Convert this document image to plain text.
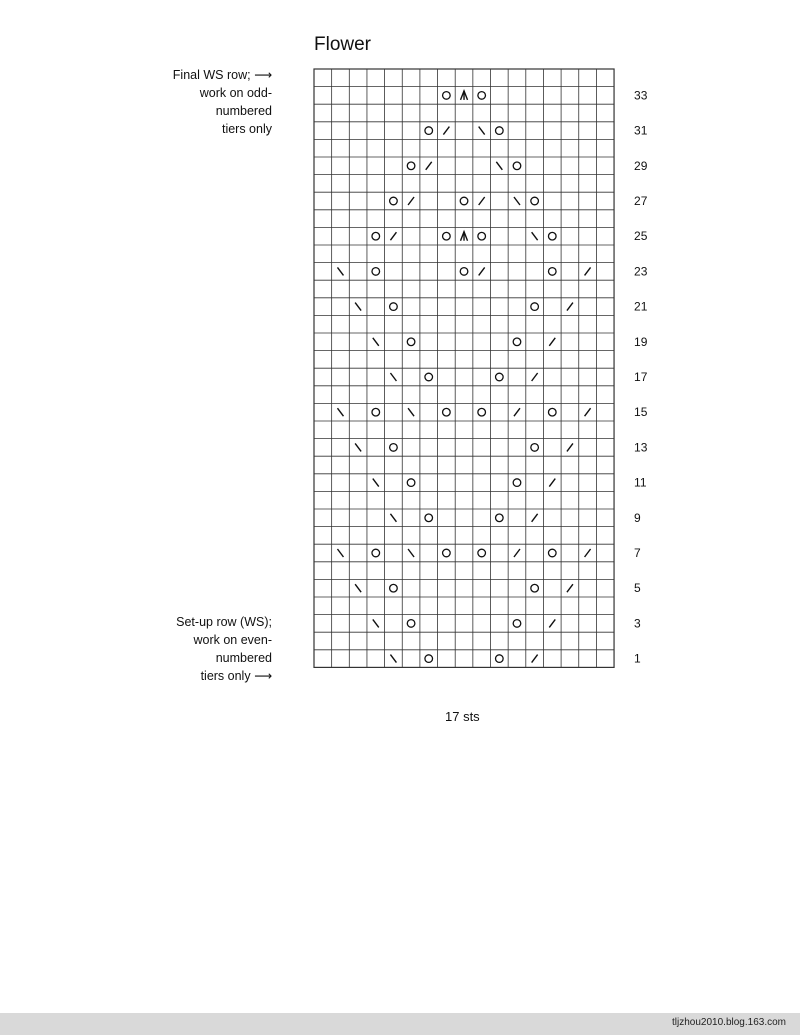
Flower
Final WS row; ⟶
work on odd-
numbered
tiers only
Set-up row (WS);
work on even-
numbered
tiers only ⟶
33
31
29
27
25
23
21
19
17
15
13
11
9
7
5
3
1
17 sts
tljzhou2010.blog.163.com
